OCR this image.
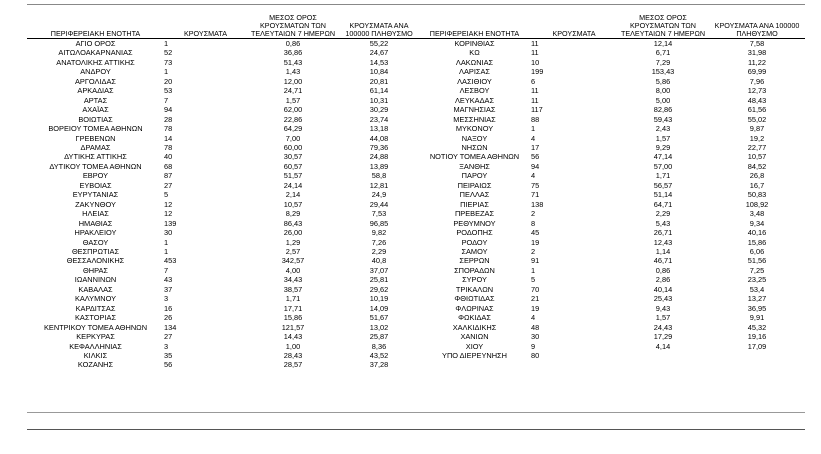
ΠΕΡΙΦΕΡΕΙΑΚΗ ΕΝΟΤΗΤΑ	ΚΡΟΥΣΜΑΤΑ	ΜΕΣΟΣ ΟΡΟΣ ΚΡΟΥΣΜΑΤΩΝ ΤΩΝ ΤΕΛΕΥΤΑΙΩΝ 7 ΗΜΕΡΩΝ	ΚΡΟΥΣΜΑΤΑ ΑΝΑ 100000 ΠΛΗΘΥΣΜΟ
ΑΓΙΟ ΟΡΟΣ	1	0,86	55,22
ΑΙΤΩΛΟΑΚΑΡΝΑΝΙΑΣ	52	36,86	24,67
ΑΝΑΤΟΛΙΚΗΣ ΑΤΤΙΚΗΣ	73	51,43	14,53
ΑΝΔΡΟΥ	1	1,43	10,84
ΑΡΓΟΛΙΔΑΣ	20	12,00	20,81
ΑΡΚΑΔΙΑΣ	53	24,71	61,14
ΑΡΤΑΣ	7	1,57	10,31
ΑΧΑΪΑΣ	94	62,00	30,29
ΒΟΙΩΤΙΑΣ	28	22,86	23,74
ΒΟΡΕΙΟΥ ΤΟΜΕΑ ΑΘΗΝΩΝ	78	64,29	13,18
ΓΡΕΒΕΝΩΝ	14	7,00	44,08
ΔΡΑΜΑΣ	78	60,00	79,36
ΔΥΤΙΚΗΣ ΑΤΤΙΚΗΣ	40	30,57	24,88
ΔΥΤΙΚΟΥ ΤΟΜΕΑ ΑΘΗΝΩΝ	68	60,57	13,89
ΕΒΡΟΥ	87	51,57	58,8
ΕΥΒΟΙΑΣ	27	24,14	12,81
ΕΥΡΥΤΑΝΙΑΣ	5	2,14	24,9
ΖΑΚΥΝΘΟΥ	12	10,57	29,44
ΗΛΕΙΑΣ	12	8,29	7,53
ΗΜΑΘΙΑΣ	139	86,43	96,85
ΗΡΑΚΛΕΙΟΥ	30	26,00	9,82
ΘΑΣΟΥ	1	1,29	7,26
ΘΕΣΠΡΩΤΙΑΣ	1	2,57	2,29
ΘΕΣΣΑΛΟΝΙΚΗΣ	453	342,57	40,8
ΘΗΡΑΣ	7	4,00	37,07
ΙΩΑΝΝΙΝΩΝ	43	34,43	25,81
ΚΑΒΑΛΑΣ	37	38,57	29,62
ΚΑΛΥΜΝΟΥ	3	1,71	10,19
ΚΑΡΔΙΤΣΑΣ	16	17,71	14,09
ΚΑΣΤΟΡΙΑΣ	26	15,86	51,67
ΚΕΝΤΡΙΚΟΥ ΤΟΜΕΑ ΑΘΗΝΩΝ	134	121,57	13,02
ΚΕΡΚΥΡΑΣ	27	14,43	25,87
ΚΕΦΑΛΛΗΝΙΑΣ	3	1,00	8,36
ΚΙΛΚΙΣ	35	28,43	43,52
ΚΟΖΑΝΗΣ	56	28,57	37,28
ΠΕΡΙΦΕΡΕΙΑΚΗ ΕΝΟΤΗΤΑ	ΚΡΟΥΣΜΑΤΑ	ΜΕΣΟΣ ΟΡΟΣ ΚΡΟΥΣΜΑΤΩΝ ΤΩΝ ΤΕΛΕΥΤΑΙΩΝ 7 ΗΜΕΡΩΝ	ΚΡΟΥΣΜΑΤΑ ΑΝΑ 100000 ΠΛΗΘΥΣΜΟ
ΚΟΡΙΝΘΙΑΣ	11	12,14	7,58
ΚΩ	11	6,71	31,98
ΛΑΚΩΝΙΑΣ	10	7,29	11,22
ΛΑΡΙΣΑΣ	199	153,43	69,99
ΛΑΣΙΘΙΟΥ	6	5,86	7,96
ΛΕΣΒΟΥ	11	8,00	12,73
ΛΕΥΚΑΔΑΣ	11	5,00	48,43
ΜΑΓΝΗΣΙΑΣ	117	82,86	61,56
ΜΕΣΣΗΝΙΑΣ	88	59,43	55,02
ΜΥΚΟΝΟΥ	1	2,43	9,87
ΝΑΞΟΥ	4	1,57	19,2
ΝΗΣΩΝ	17	9,29	22,77
ΝΟΤΙΟΥ ΤΟΜΕΑ ΑΘΗΝΩΝ	56	47,14	10,57
ΞΑΝΘΗΣ	94	57,00	84,52
ΠΑΡΟΥ	4	1,71	26,8
ΠΕΙΡΑΙΩΣ	75	56,57	16,7
ΠΕΛΛΑΣ	71	51,14	50,83
ΠΙΕΡΙΑΣ	138	64,71	108,92
ΠΡΕΒΕΖΑΣ	2	2,29	3,48
ΡΕΘΥΜΝΟΥ	8	5,43	9,34
ΡΟΔΟΠΗΣ	45	26,71	40,16
ΡΟΔΟΥ	19	12,43	15,86
ΣΑΜΟΥ	2	1,14	6,06
ΣΕΡΡΩΝ	91	46,71	51,56
ΣΠΟΡΑΔΩΝ	1	0,86	7,25
ΣΥΡΟΥ	5	2,86	23,25
ΤΡΙΚΑΛΩΝ	70	40,14	53,4
ΦΘΙΩΤΙΔΑΣ	21	25,43	13,27
ΦΛΩΡΙΝΑΣ	19	9,43	36,95
ΦΩΚΙΔΑΣ	4	1,57	9,91
ΧΑΛΚΙΔΙΚΗΣ	48	24,43	45,32
ΧΑΝΙΩΝ	30	17,29	19,16
ΧΙΟΥ	9	4,14	17,09
ΥΠΟ ΔΙΕΡΕΥΝΗΣΗ	80		
